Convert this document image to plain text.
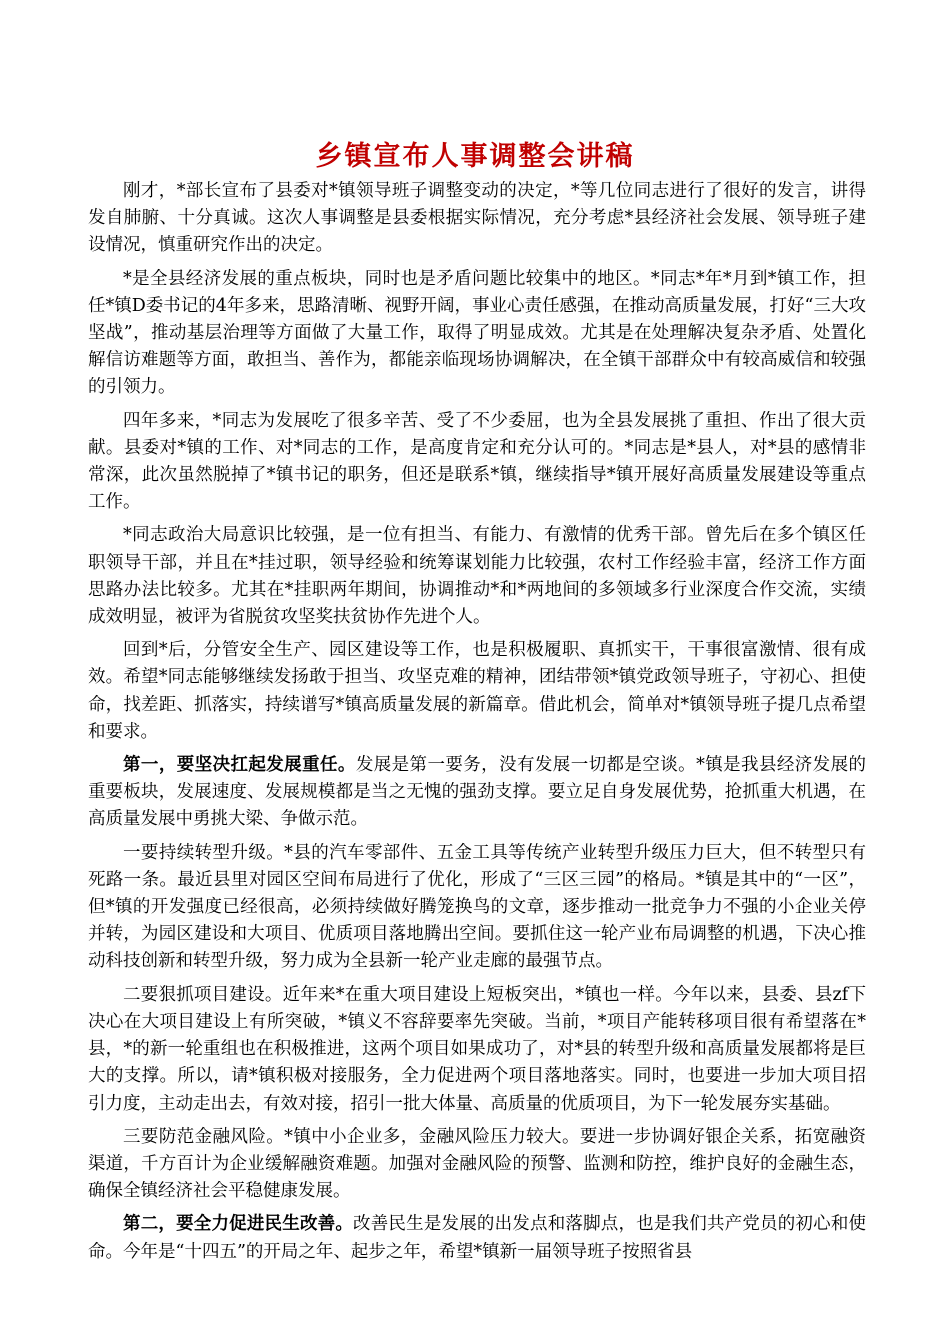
乡镇宣布人事调整会讲稿

刚才，*部长宣布了县委对*镇领导班子调整变动的决定，*等几位同志进行了很好的发言，讲得发自肺腑、十分真诚。这次人事调整是县委根据实际情况，充分考虑*县经济社会发展、领导班子建设情况，慎重研究作出的决定。

*是全县经济发展的重点板块，同时也是矛盾问题比较集中的地区。*同志*年*月到*镇工作，担任*镇D委书记的4年多来，思路清晰、视野开阔，事业心责任感强，在推动高质量发展，打好“三大攻坚战”，推动基层治理等方面做了大量工作，取得了明显成效。尤其是在处理解决复杂矛盾、处置化解信访难题等方面，敢担当、善作为，都能亲临现场协调解决，在全镇干部群众中有较高威信和较强的引领力。

四年多来，*同志为发展吃了很多辛苦、受了不少委屈，也为全县发展挑了重担、作出了很大贡献。县委对*镇的工作、对*同志的工作，是高度肯定和充分认可的。*同志是*县人，对*县的感情非常深，此次虽然脱掉了*镇书记的职务，但还是联系*镇，继续指导*镇开展好高质量发展建设等重点工作。

*同志政治大局意识比较强，是一位有担当、有能力、有激情的优秀干部。曾先后在多个镇区任职领导干部，并且在*挂过职，领导经验和统筹谋划能力比较强，农村工作经验丰富，经济工作方面思路办法比较多。尤其在*挂职两年期间，协调推动*和*两地间的多领域多行业深度合作交流，实绩成效明显，被评为省脱贫攻坚奖扶贫协作先进个人。

回到*后，分管安全生产、园区建设等工作，也是积极履职、真抓实干，干事很富激情、很有成效。希望*同志能够继续发扬敢于担当、攻坚克难的精神，团结带领*镇党政领导班子，守初心、担使命，找差距、抓落实，持续谱写*镇高质量发展的新篇章。借此机会，简单对*镇领导班子提几点希望和要求。

第一，要坚决扛起发展重任。发展是第一要务，没有发展一切都是空谈。*镇是我县经济发展的重要板块，发展速度、发展规模都是当之无愧的强劲支撑。要立足自身发展优势，抢抓重大机遇，在高质量发展中勇挑大梁、争做示范。

一要持续转型升级。*县的汽车零部件、五金工具等传统产业转型升级压力巨大，但不转型只有死路一条。最近县里对园区空间布局进行了优化，形成了“三区三园”的格局。*镇是其中的“一区”，但*镇的开发强度已经很高，必须持续做好腾笼换鸟的文章，逐步推动一批竞争力不强的小企业关停并转，为园区建设和大项目、优质项目落地腾出空间。要抓住这一轮产业布局调整的机遇，下决心推动科技创新和转型升级，努力成为全县新一轮产业走廊的最强节点。

二要狠抓项目建设。近年来*在重大项目建设上短板突出，*镇也一样。今年以来，县委、县zf下决心在大项目建设上有所突破，*镇义不容辞要率先突破。当前，*项目产能转移项目很有希望落在*县，*的新一轮重组也在积极推进，这两个项目如果成功了，对*县的转型升级和高质量发展都将是巨大的支撑。所以，请*镇积极对接服务，全力促进两个项目落地落实。同时，也要进一步加大项目招引力度，主动走出去，有效对接，招引一批大体量、高质量的优质项目，为下一轮发展夯实基础。

三要防范金融风险。*镇中小企业多，金融风险压力较大。要进一步协调好银企关系，拓宽融资渠道，千方百计为企业缓解融资难题。加强对金融风险的预警、监测和防控，维护良好的金融生态，确保全镇经济社会平稳健康发展。

第二，要全力促进民生改善。改善民生是发展的出发点和落脚点，也是我们共产党员的初心和使命。今年是“十四五”的开局之年、起步之年，希望*镇新一届领导班子按照省县
